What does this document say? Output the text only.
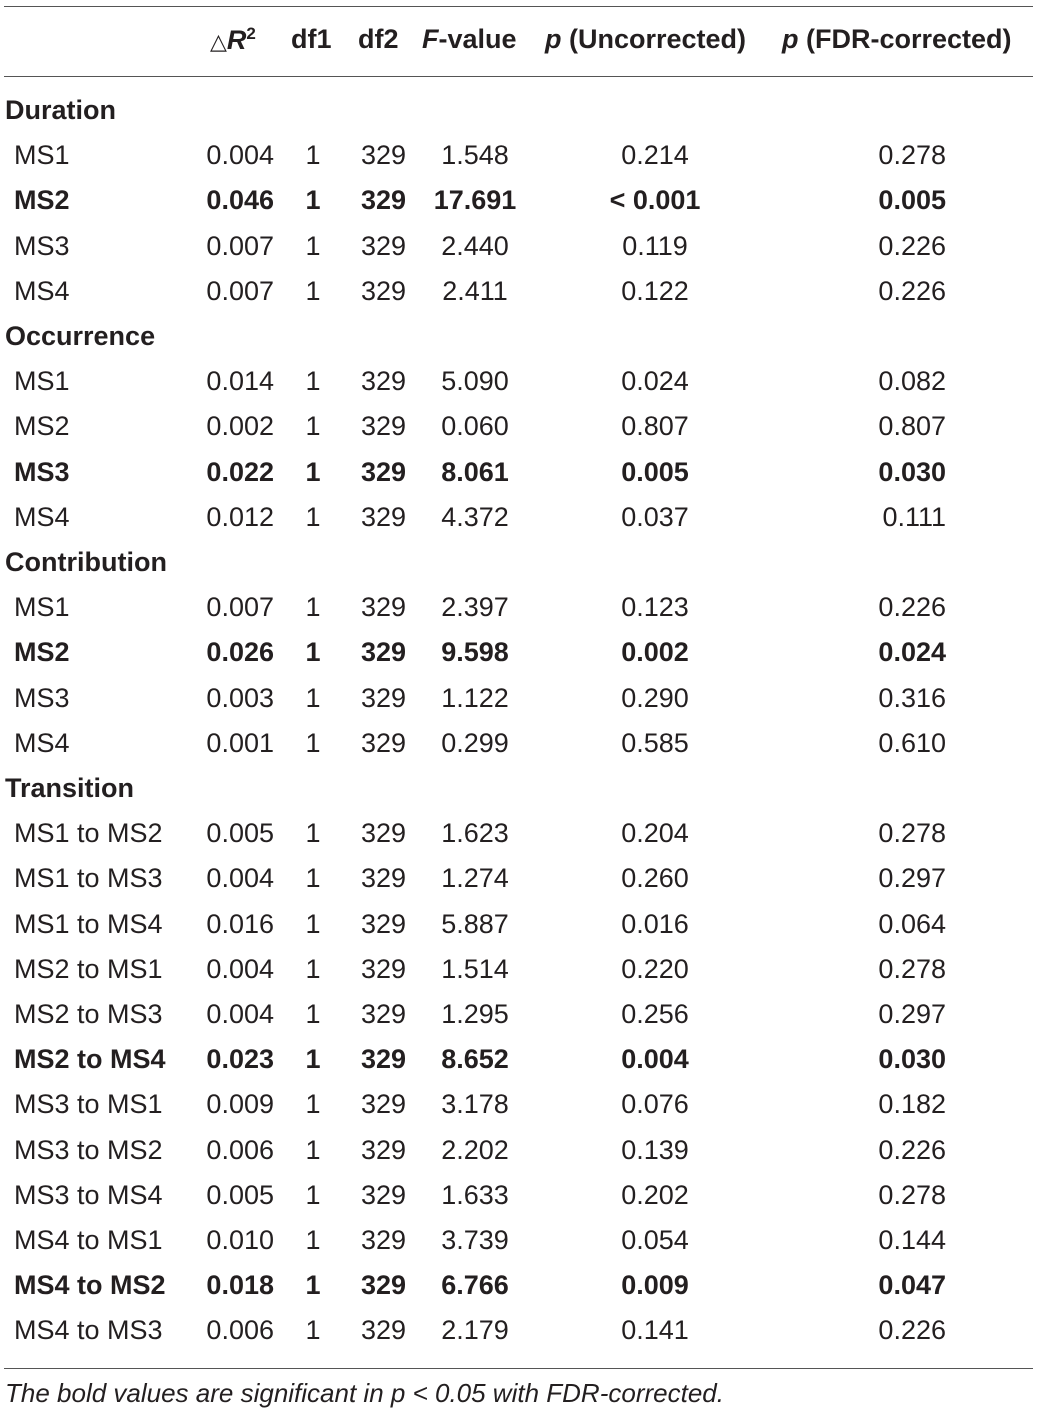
$\triangle R^2$ df1 df2 F-value p (Uncorrected) p (FDR-corrected)
Duration
MS1	0.004 1	329	1.548	0.214	0.278
MS2	0.046 1	329	17.691	< 0.001	0.005
MS3	0.007 1	329	2.440	0.119	0.226
MS4	0.007 1	329	2.411	0.122	0.226
Occurrence
MS1	0.014 1	329	5.090	0.024	0.082
MS2	0.002 1	329	0.060	0.807	0.807
MS3	0.022 1	329	8.061	0.005	0.030
MS4	0.012 1	329	4.372	0.037	0.111
Contribution
MS1	0.007 1	329	2.397	0.123	0.226
MS2	0.026 1	329	9.598	0.002	0.024
MS3	0.003 1	329	1.122	0.290	0.316
MS4	0.001 1	329	0.299	0.585	0.610
Transition
MS1 to MS2	0.005 1	329	1.623	0.204	0.278
MS1 to MS3	0.004 1	329	1.274	0.260	0.297
MS1 to MS4	0.016 1	329	5.887	0.016	0.064
MS2 to MS1	0.004 1	329	1.514	0.220	0.278
MS2 to MS3	0.004 1	329	1.295	0.256	0.297
MS2 to MS4	0.023 1	329	8.652	0.004	0.030
MS3 to MS1	0.009 1	329	3.178	0.076	0.182
MS3 to MS2	0.006 1	329	2.202	0.139	0.226
MS3 to MS4	0.005 1	329	1.633	0.202	0.278
MS4 to MS1	0.010 1	329	3.739	0.054	0.144
MS4 to MS2	0.018 1	329	6.766	0.009	0.047
MS4 to MS3	0.006 1	329	2.179	0.141	0.226
The bold values are significant in p < 0.05 with FDR-corrected.
